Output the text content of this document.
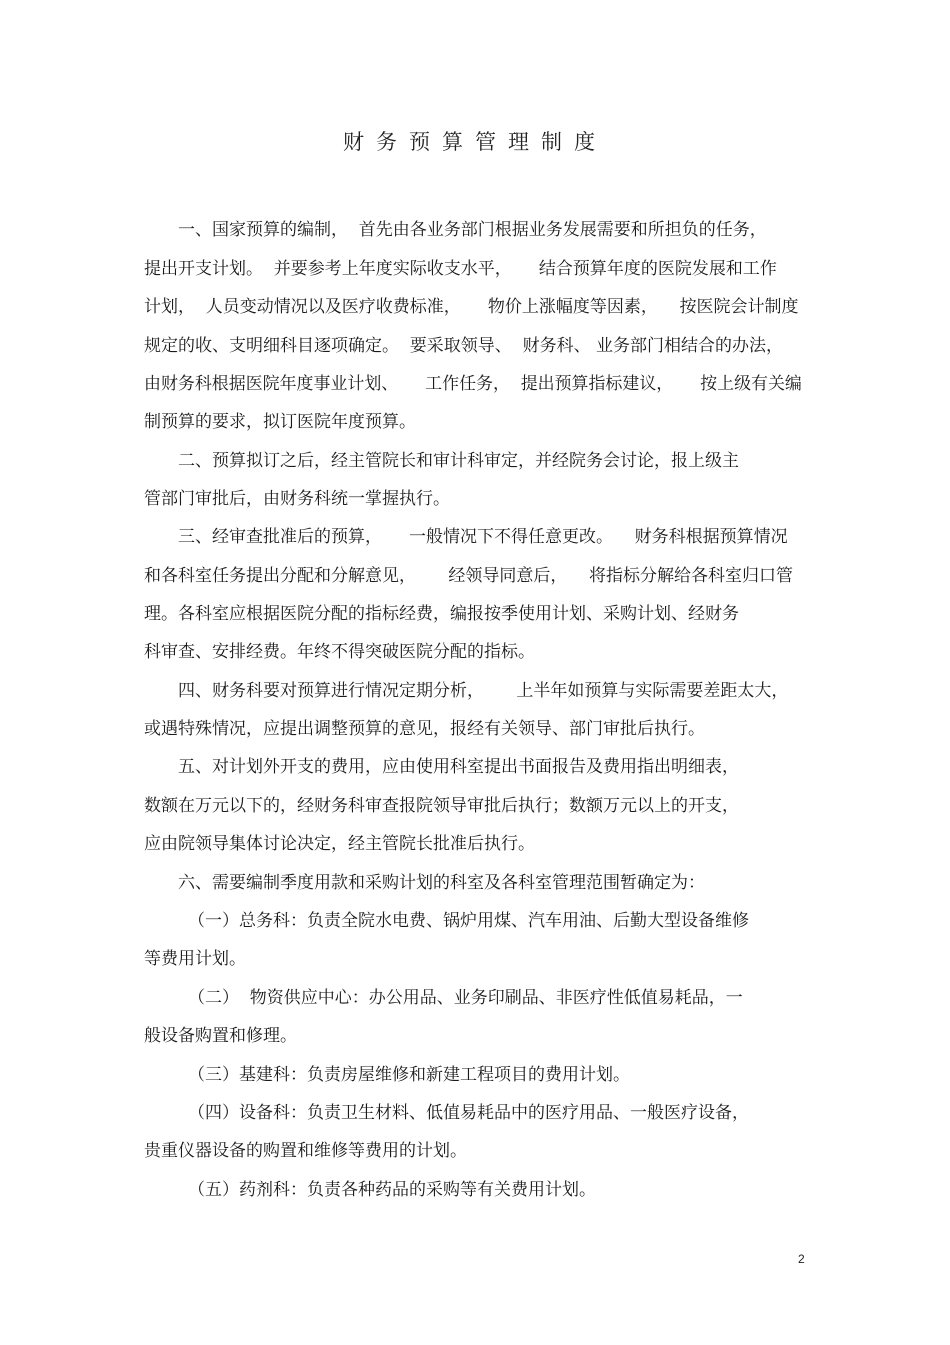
财务预算管理制度
一、国家预算的编制，  首先由各业务部门根据业务发展需要和所担负的任务，
提出开支计划。  并要参考上年度实际收支水平，     结合预算年度的医院发展和工作
计划，  人员变动情况以及医疗收费标准，     物价上涨幅度等因素，    按医院会计制度
规定的收、支明细科目逐项确定。  要采取领导、  财务科、 业务部门相结合的办法，
由财务科根据医院年度事业计划、     工作任务，  提出预算指标建议，     按上级有关编
制预算的要求，拟订医院年度预算。
二、预算拟订之后，经主管院长和审计科审定，并经院务会讨论，报上级主
管部门审批后，由财务科统一掌握执行。
三、经审查批准后的预算，     一般情况下不得任意更改。    财务科根据预算情况
和各科室任务提出分配和分解意见，      经领导同意后，    将指标分解给各科室归口管
理。各科室应根据医院分配的指标经费，编报按季使用计划、采购计划、经财务
科审查、安排经费。年终不得突破医院分配的指标。
四、财务科要对预算进行情况定期分析，      上半年如预算与实际需要差距太大，
或遇特殊情况，应提出调整预算的意见，报经有关领导、部门审批后执行。
五、对计划外开支的费用，应由使用科室提出书面报告及费用指出明细表，
数额在万元以下的，经财务科审查报院领导审批后执行；数额万元以上的开支，
应由院领导集体讨论决定，经主管院长批准后执行。
六、需要编制季度用款和采购计划的科室及各科室管理范围暂确定为：
（一）总务科：负责全院水电费、锅炉用煤、汽车用油、后勤大型设备维修
等费用计划。
（二）  物资供应中心：办公用品、业务印刷品、非医疗性低值易耗品，一
般设备购置和修理。
（三）基建科：负责房屋维修和新建工程项目的费用计划。
（四）设备科：负责卫生材料、低值易耗品中的医疗用品、一般医疗设备，
贵重仪器设备的购置和维修等费用的计划。
（五）药剂科：负责各种药品的采购等有关费用计划。
2
